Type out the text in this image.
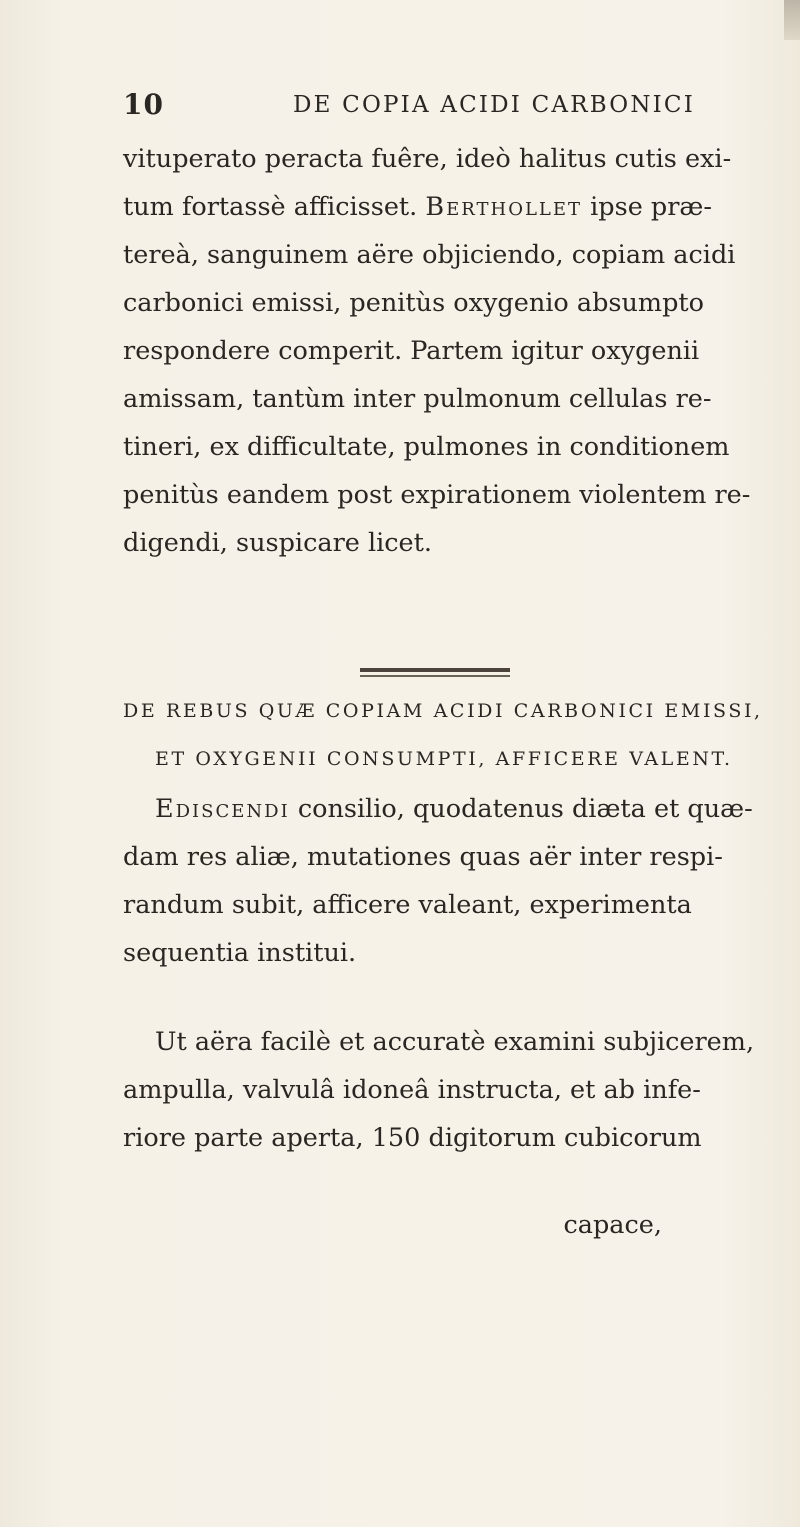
10	DE COPIA ACIDI CARBONICI

vituperato peracta fuêre, ideò halitus cutis exi-
tum fortassè afficisset. Berthollet ipse præ-
tereà, sanguinem aëre objiciendo, copiam acidi
carbonici emissi, penitùs oxygenio absumpto
respondere comperit. Partem igitur oxygenii
amissam, tantùm inter pulmonum cellulas re-
tineri, ex difficultate, pulmones in conditionem
penitùs eandem post expirationem violentem re-
digendi, suspicare licet.

DE REBUS QUÆ COPIAM ACIDI CARBONICI EMISSI,
ET OXYGENII CONSUMPTI, AFFICERE VALENT.

Ediscendi consilio, quodatenus diæta et quæ-
dam res aliæ, mutationes quas aër inter respi-
randum subit, afficere valeant, experimenta
sequentia institui.

Ut aëra facilè et accuratè examini subjicerem,
ampulla, valvulâ idoneâ instructa, et ab infe-
riore parte aperta, 150 digitorum cubicorum

capace,
